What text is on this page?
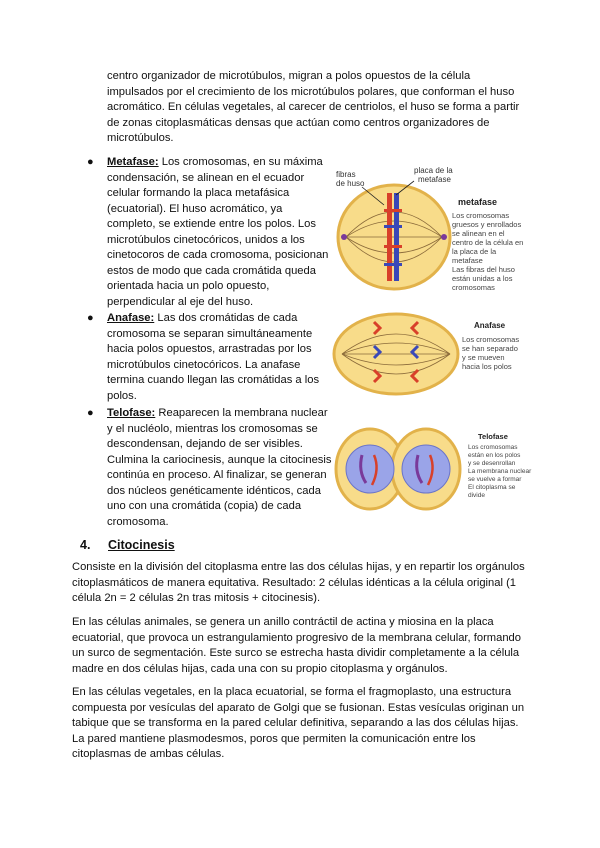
centro organizador de microtúbulos, migran a polos opuestos de la célula impulsados por el crecimiento de los microtúbulos polares, que conforman el huso acromático. En células vegetales, al carecer de centriolos, el huso se forma a partir de zonas citoplasmáticas densas que actúan como centros organizadores de microtúbulos.
● Metafase: Los cromosomas, en su máxima condensación, se alinean en el ecuador celular formando la placa metafásica (ecuatorial). El huso acromático, ya completo, se extiende entre los polos. Los microtúbulos cinetocóricos, unidos a los cinetocoros de cada cromosoma, posicionan estos de modo que cada cromátida queda orientada hacia un polo opuesto, perpendicular al eje del huso.
● Anafase: Las dos cromátidas de cada cromosoma se separan simultáneamente hacia polos opuestos, arrastradas por los microtúbulos cinetocóricos. La anafase termina cuando llegan las cromátidas a los polos.
● Telofase: Reaparecen la membrana nuclear y el nucléolo, mientras los cromosomas se descondensan, dejando de ser visibles. Culmina la cariocinesis, aunque la citocinesis continúa en proceso. Al finalizar, se generan dos núcleos genéticamente idénticos, cada uno con una cromátida (copia) de cada cromosoma.
fibras
de huso
placa de la
metafase
metafase
Los cromosomas
gruesos y enrollados
se alinean en el
centro de la célula en
la placa de la
metafase
Las fibras del huso
están unidas a los
cromosomas
Anafase
Los cromosomas
se han separado
y se mueven
hacia los polos
Telofase
Los cromosomas
están en los polos
y se desenrollan
La membrana nuclear
se vuelve a formar
El citoplasma se
divide
4. Citocinesis
Consiste en la división del citoplasma entre las dos células hijas, y en repartir los orgánulos citoplasmáticos de manera equitativa. Resultado: 2 células idénticas a la célula original (1 célula 2n = 2 células 2n tras mitosis + citocinesis).
En las células animales, se genera un anillo contráctil de actina y miosina en la placa ecuatorial, que provoca un estrangulamiento progresivo de la membrana celular, formando un surco de segmentación. Este surco se estrecha hasta dividir completamente a la célula madre en dos células hijas, cada una con su propio citoplasma y orgánulos.
En las células vegetales, en la placa ecuatorial, se forma el fragmoplasto, una estructura compuesta por vesículas del aparato de Golgi que se fusionan. Estas vesículas originan un tabique que se transforma en la pared celular definitiva, separando a las dos células hijas. La pared mantiene plasmodesmos, poros que permiten la comunicación entre los citoplasmas de ambas células.
